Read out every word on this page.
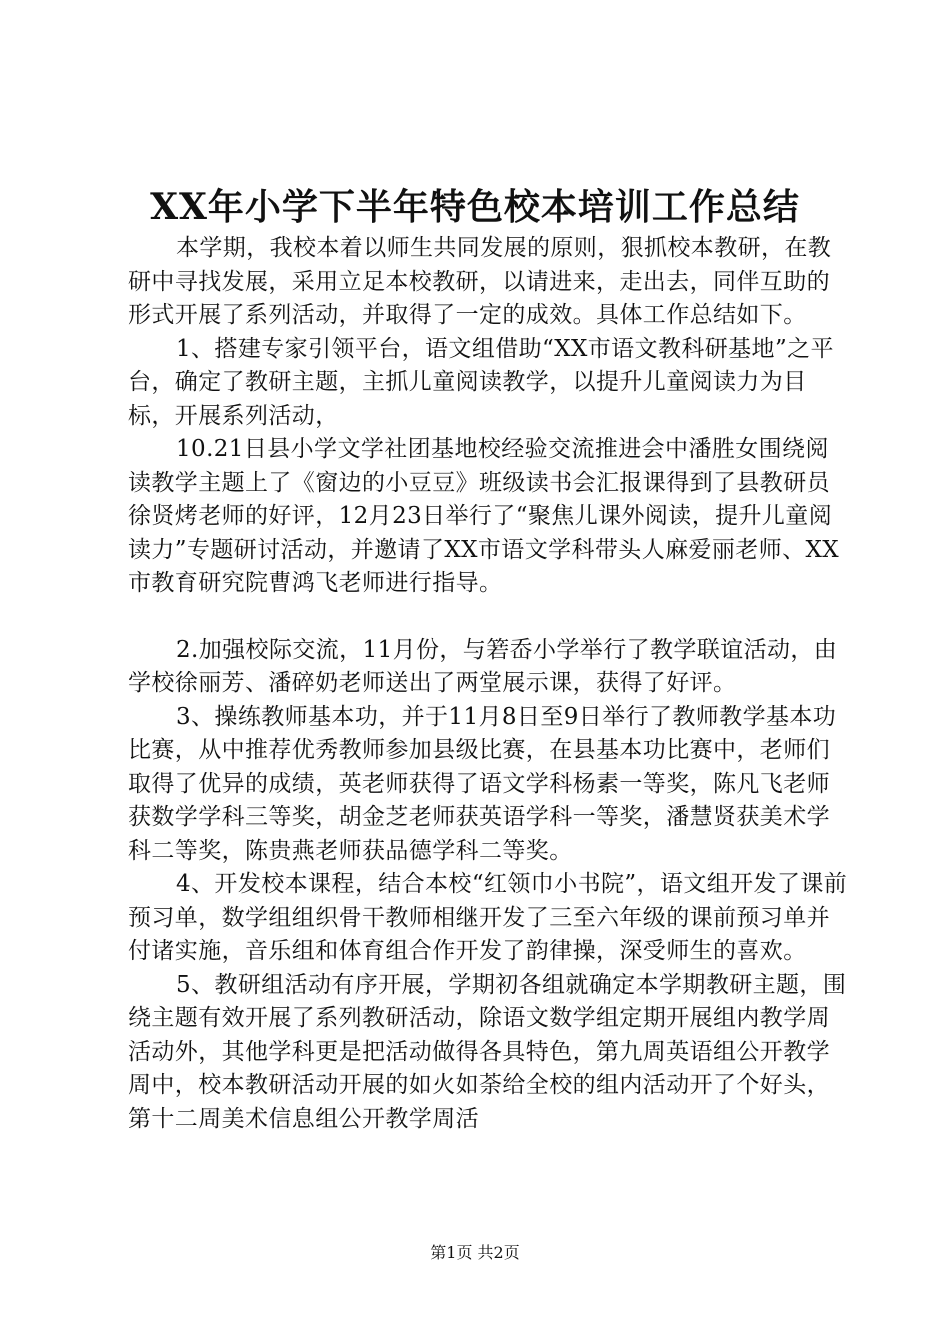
XX年小学下半年特色校本培训工作总结

本学期，我校本着以师生共同发展的原则，狠抓校本教研，在教研中寻找发展，采用立足本校教研，以请进来，走出去，同伴互助的形式开展了系列活动，并取得了一定的成效。具体工作总结如下。

1、搭建专家引领平台，语文组借助“XX市语文教科研基地”之平台，确定了教研主题，主抓儿童阅读教学，以提升儿童阅读力为目标，开展系列活动，

10.21日县小学文学社团基地校经验交流推进会中潘胜女围绕阅读教学主题上了《窗边的小豆豆》班级读书会汇报课得到了县教研员徐贤烤老师的好评，12月23日举行了“聚焦儿课外阅读，提升儿童阅读力”专题研讨活动，并邀请了XX市语文学科带头人麻爱丽老师、XX市教育研究院曹鸿飞老师进行指导。

2.加强校际交流，11月份，与箬岙小学举行了教学联谊活动，由学校徐丽芳、潘碎奶老师送出了两堂展示课，获得了好评。

3、操练教师基本功，并于11月8日至9日举行了教师教学基本功比赛，从中推荐优秀教师参加县级比赛，在县基本功比赛中，老师们取得了优异的成绩，英老师获得了语文学科杨素一等奖，陈凡飞老师获数学学科三等奖，胡金芝老师获英语学科一等奖，潘慧贤获美术学科二等奖，陈贵燕老师获品德学科二等奖。

4、开发校本课程，结合本校“红领巾小书院”，语文组开发了课前预习单，数学组组织骨干教师相继开发了三至六年级的课前预习单并付诸实施，音乐组和体育组合作开发了韵律操，深受师生的喜欢。

5、教研组活动有序开展，学期初各组就确定本学期教研主题，围绕主题有效开展了系列教研活动，除语文数学组定期开展组内教学周活动外，其他学科更是把活动做得各具特色，第九周英语组公开教学周中，校本教研活动开展的如火如荼给全校的组内活动开了个好头，第十二周美术信息组公开教学周活

第1页 共2页
